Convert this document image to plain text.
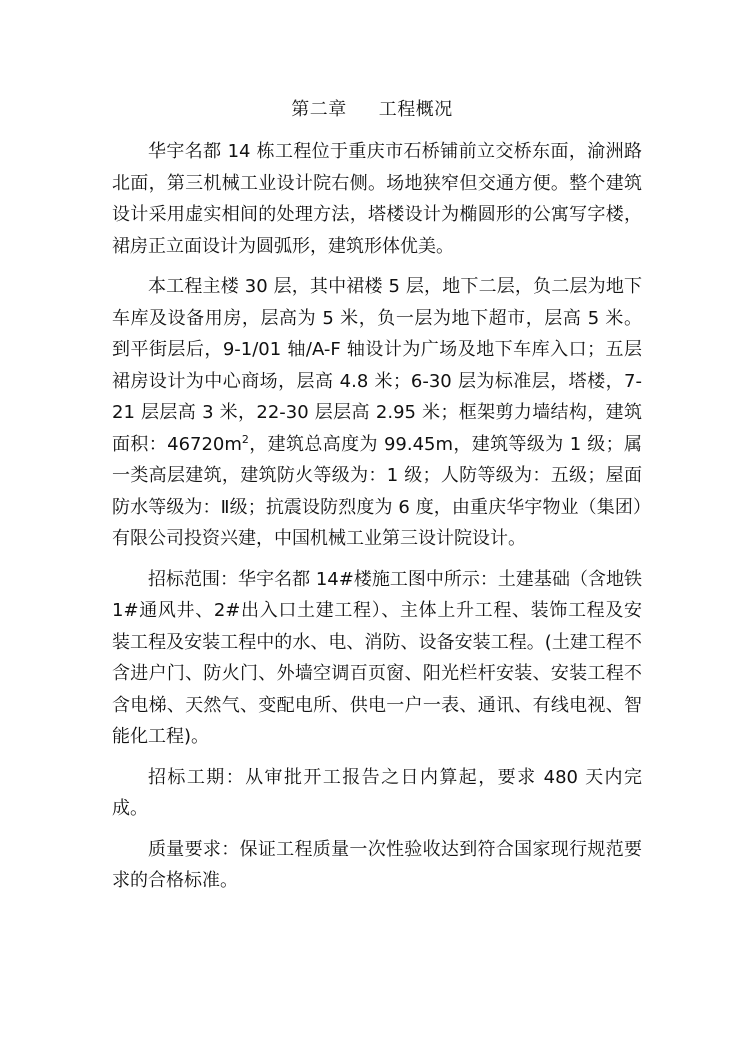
第二章 工程概况

华宇名都 14 栋工程位于重庆市石桥铺前立交桥东面，渝洲路北面，第三机械工业设计院右侧。场地狭窄但交通方便。整个建筑设计采用虚实相间的处理方法，塔楼设计为椭圆形的公寓写字楼，裙房正立面设计为圆弧形，建筑形体优美。

本工程主楼 30 层，其中裙楼 5 层，地下二层，负二层为地下车库及设备用房，层高为 5 米，负一层为地下超市，层高 5 米。到平街层后，9-1/01 轴/A-F 轴设计为广场及地下车库入口；五层裙房设计为中心商场，层高 4.8 米；6-30 层为标准层，塔楼，7-21 层层高 3 米，22-30 层层高 2.95 米；框架剪力墙结构，建筑面积：$46720m^2$，建筑总高度为 99.45m，建筑等级为 1 级；属一类高层建筑，建筑防火等级为：1 级；人防等级为：五级；屋面防水等级为：Ⅱ级；抗震设防烈度为 6 度，由重庆华宇物业（集团）有限公司投资兴建，中国机械工业第三设计院设计。

招标范围：华宇名都 14#楼施工图中所示：土建基础（含地铁 1#通风井、2#出入口土建工程）、主体上升工程、装饰工程及安装工程及安装工程中的水、电、消防、设备安装工程。(土建工程不含进户门、防火门、外墙空调百页窗、阳光栏杆安装、安装工程不含电梯、天然气、变配电所、供电一户一表、通讯、有线电视、智能化工程)。

招标工期：从审批开工报告之日内算起，要求 480 天内完成。

质量要求：保证工程质量一次性验收达到符合国家现行规范要求的合格标准。
